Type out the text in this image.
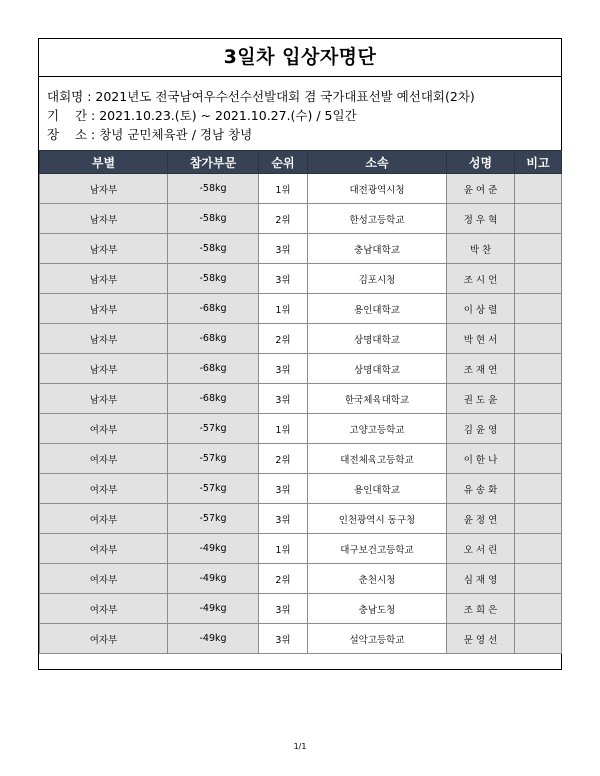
3일차 입상자명단
대회명 : 2021년도 전국남여우수선수선발대회 겸 국가대표선발 예선대회(2차)
기    간 : 2021.10.23.(토) ~ 2021.10.27.(수) / 5일간
장    소 : 창녕 군민체육관 / 경남 창녕
부별	참가부문	순위	소속	성명	비고
남자부	-58kg	1위	대전광역시청	윤 여 준	
남자부	-58kg	2위	한성고등학교	정 우 혁	
남자부	-58kg	3위	충남대학교	박 찬	
남자부	-58kg	3위	김포시청	조 시 언	
남자부	-68kg	1위	용인대학교	이 상 렬	
남자부	-68kg	2위	상명대학교	박 현 서	
남자부	-68kg	3위	상명대학교	조 재 연	
남자부	-68kg	3위	한국체육대학교	권 도 윤	
여자부	-57kg	1위	고양고등학교	김 윤 영	
여자부	-57kg	2위	대전체육고등학교	이 한 나	
여자부	-57kg	3위	용인대학교	유 송 화	
여자부	-57kg	3위	인천광역시 동구청	윤 정 연	
여자부	-49kg	1위	대구보건고등학교	오 서 린	
여자부	-49kg	2위	춘천시청	심 재 영	
여자부	-49kg	3위	충남도청	조 희 은	
여자부	-49kg	3위	설악고등학교	문 영 선	
1/1
